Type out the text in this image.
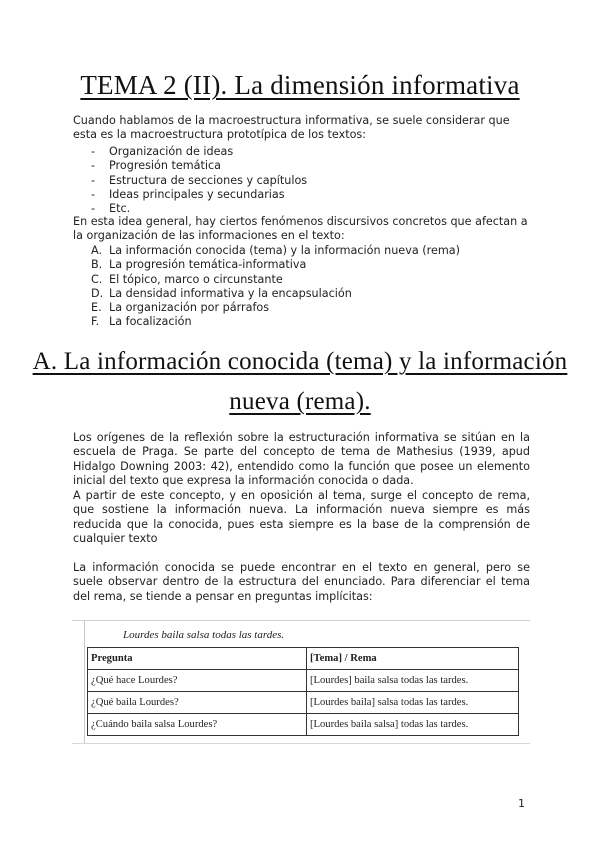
TEMA 2 (II). La dimensión informativa

Cuando hablamos de la macroestructura informativa, se suele considerar que esta es la macroestructura prototípica de los textos:

- Organización de ideas
- Progresión temática
- Estructura de secciones y capítulos
- Ideas principales y secundarias
- Etc.

En esta idea general, hay ciertos fenómenos discursivos concretos que afectan a la organización de las informaciones en el texto:

A. La información conocida (tema) y la información nueva (rema)
B. La progresión temática-informativa
C. El tópico, marco o circunstante
D. La densidad informativa y la encapsulación
E. La organización por párrafos
F. La focalización
A. La información conocida (tema) y la información
nueva (rema).

Los orígenes de la reflexión sobre la estructuración informativa se sitúan en la escuela de Praga. Se parte del concepto de tema de Mathesius (1939, apud Hidalgo Downing 2003: 42), entendido como la función que posee un elemento inicial del texto que expresa la información conocida o dada.

A partir de este concepto, y en oposición al tema, surge el concepto de rema, que sostiene la información nueva. La información nueva siempre es más reducida que la conocida, pues esta siempre es la base de la comprensión de cualquier texto

La información conocida se puede encontrar en el texto en general, pero se suele observar dentro de la estructura del enunciado. Para diferenciar el tema del rema, se tiende a pensar en preguntas implícitas:

Lourdes baila salsa todas las tardes.
Pregunta	[Tema] / Rema
¿Qué hace Lourdes?	[Lourdes] baila salsa todas las tardes.
¿Qué baila Lourdes?	[Lourdes baila] salsa todas las tardes.
¿Cuándo baila salsa Lourdes?	[Lourdes baila salsa] todas las tardes.
1
